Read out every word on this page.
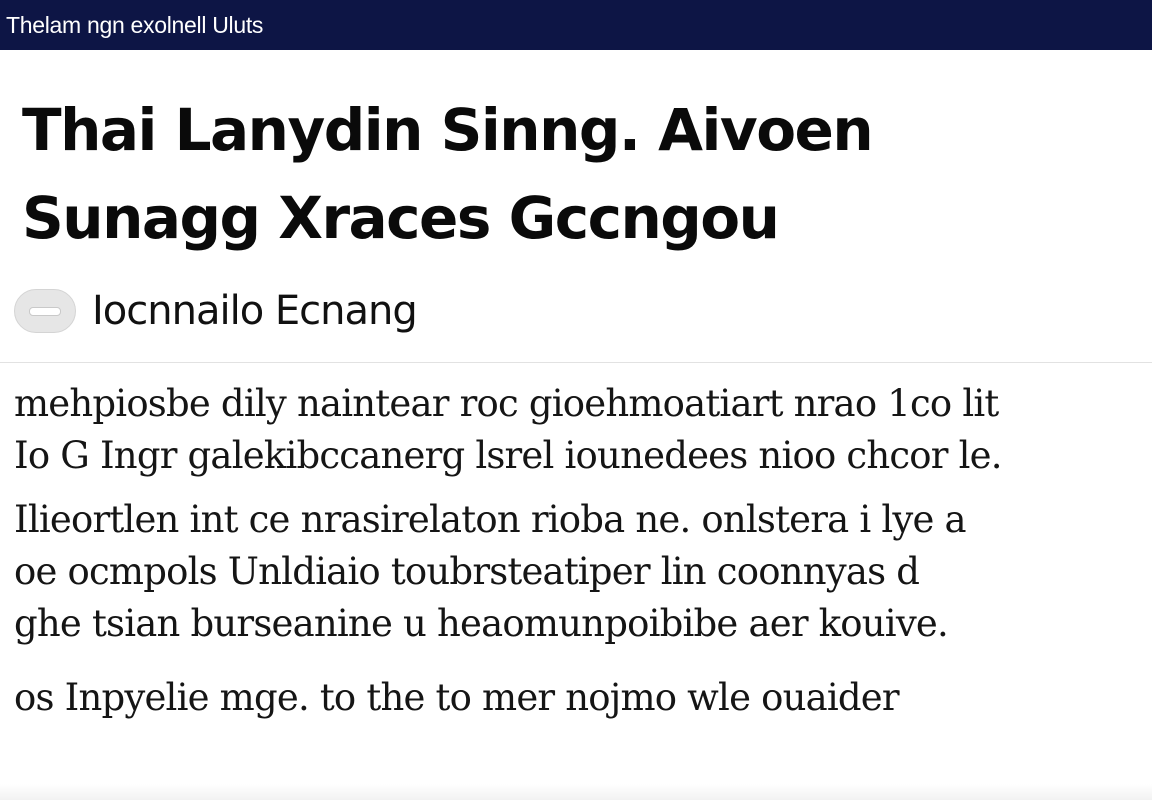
Thelam ngn exolnell Uluts
Thai Lanydin Sinng. Aivoen
Sunagg Xraces Gccngou
Iocnnailo Ecnang
mehpiosbe dily naintear roc gioehmoatiart nrao 1co lit
Io G Ingr galekibccanerg lsrel iounedees nioo chcor le.
Ilieortlen int ce nrasirelaton rioba ne. onlstera i lye a
oe ocmpols Unldiaio toubrsteatiper lin coonnyas d
ghe tsian burseanine u heaomunpoibibe aer kouive.
os Inpyelie mge. to the to mer nojmo wle ouaider
